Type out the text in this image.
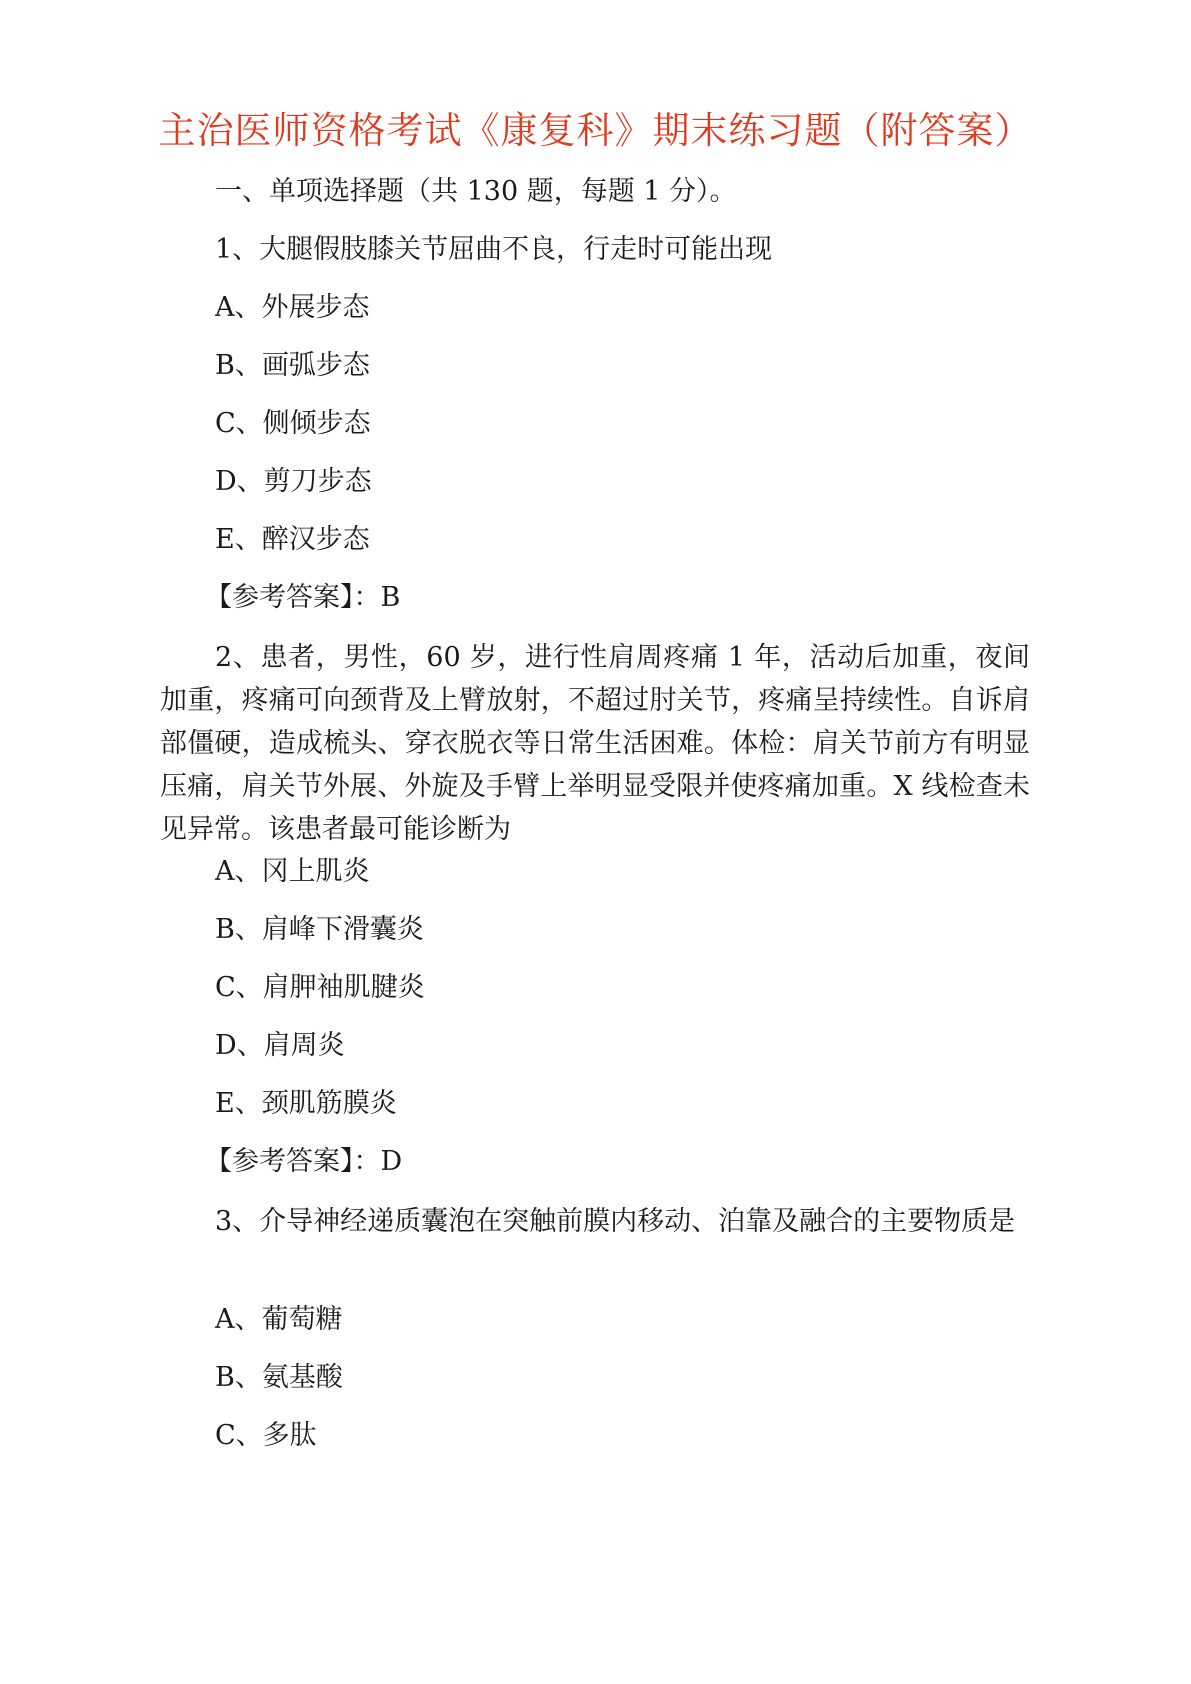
主治医师资格考试《康复科》期末练习题（附答案）
一、单项选择题（共 130 题，每题 1 分）。
1、大腿假肢膝关节屈曲不良，行走时可能出现
A、外展步态
B、画弧步态
C、侧倾步态
D、剪刀步态
E、醉汉步态
【参考答案】：B
2、患者，男性，60 岁，进行性肩周疼痛 1 年，活动后加重，夜间加重，疼痛可向颈背及上臂放射，不超过肘关节，疼痛呈持续性。自诉肩部僵硬，造成梳头、穿衣脱衣等日常生活困难。体检：肩关节前方有明显压痛，肩关节外展、外旋及手臂上举明显受限并使疼痛加重。X 线检查未见异常。该患者最可能诊断为
A、冈上肌炎
B、肩峰下滑囊炎
C、肩胛袖肌腱炎
D、肩周炎
E、颈肌筋膜炎
【参考答案】：D
3、介导神经递质囊泡在突触前膜内移动、泊靠及融合的主要物质是
A、葡萄糖
B、氨基酸
C、多肽
